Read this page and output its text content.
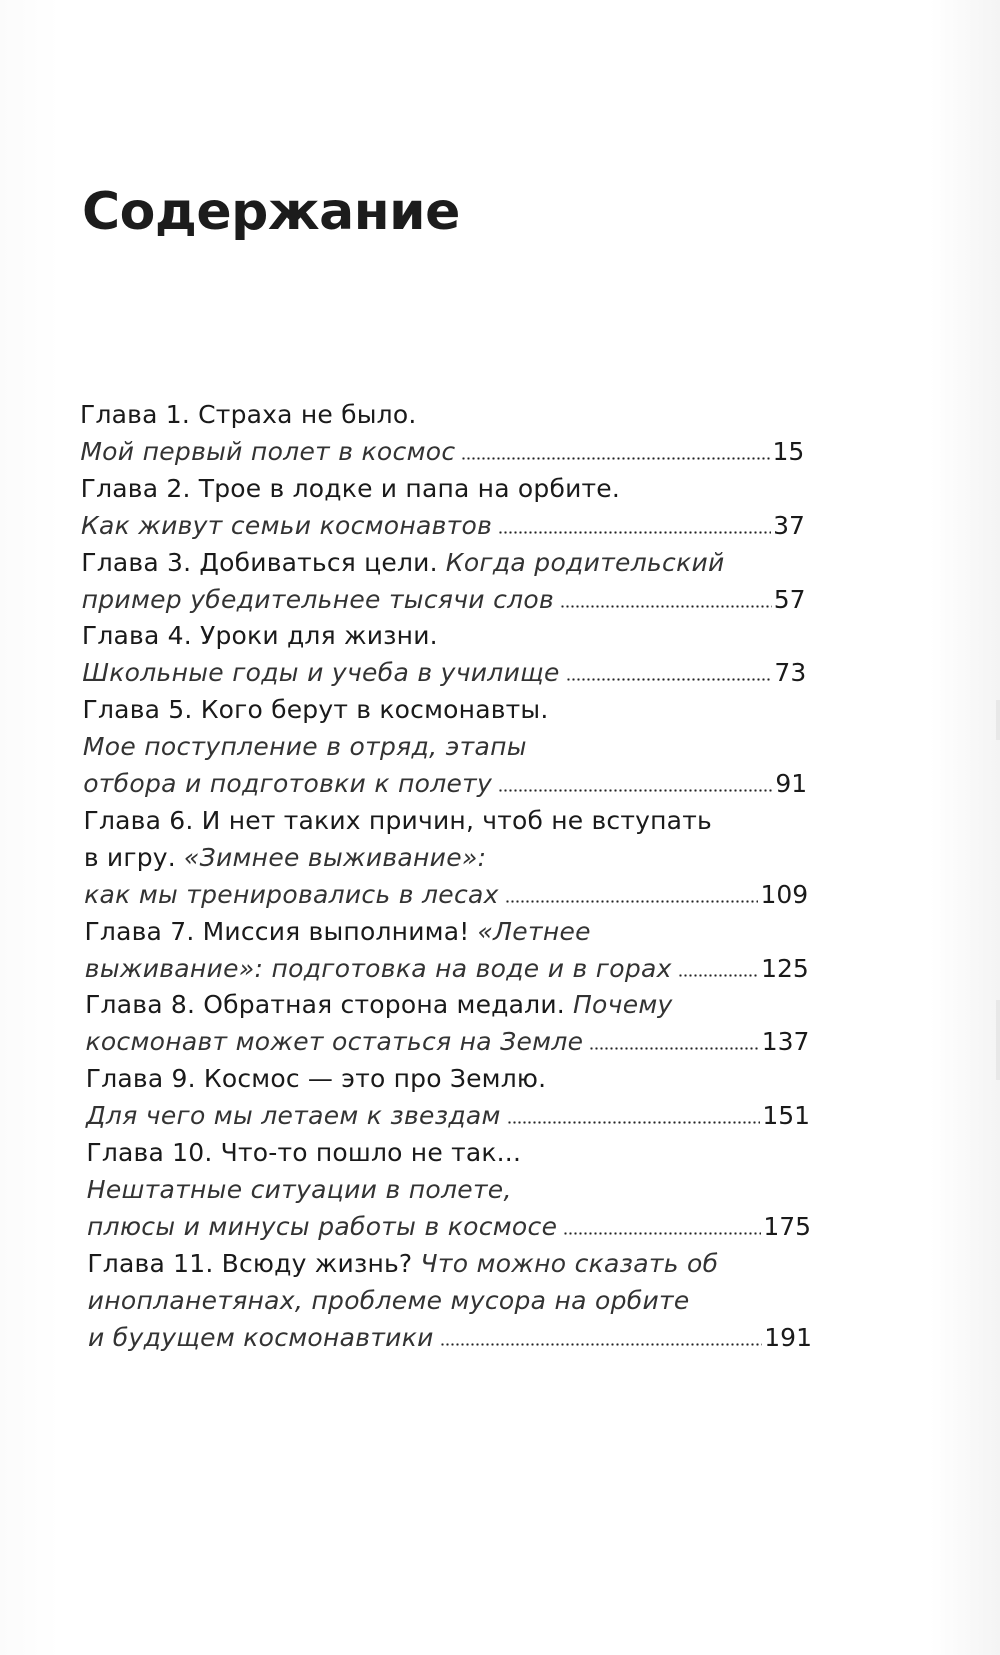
Содержание
Глава 1. Страха не было.
Мой первый полет в космос	15
Глава 2. Трое в лодке и папа на орбите.
Как живут семьи космонавтов	37
Глава 3. Добиваться цели. Когда родительский
пример убедительнее тысячи слов	57
Глава 4. Уроки для жизни.
Школьные годы и учеба в училище	73
Глава 5. Кого берут в космонавты.
Мое поступление в отряд, этапы
отбора и подготовки к полету	91
Глава 6. И нет таких причин, чтоб не вступать
в игру. «Зимнее выживание»:
как мы тренировались в лесах	109
Глава 7. Миссия выполнима! «Летнее
выживание»: подготовка на воде и в горах	125
Глава 8. Обратная сторона медали. Почему
космонавт может остаться на Земле	137
Глава 9. Космос — это про Землю.
Для чего мы летаем к звездам	151
Глава 10. Что-то пошло не так...
Нештатные ситуации в полете,
плюсы и минусы работы в космосе	175
Глава 11. Всюду жизнь? Что можно сказать об
инопланетянах, проблеме мусора на орбите
и будущем космонавтики	191
